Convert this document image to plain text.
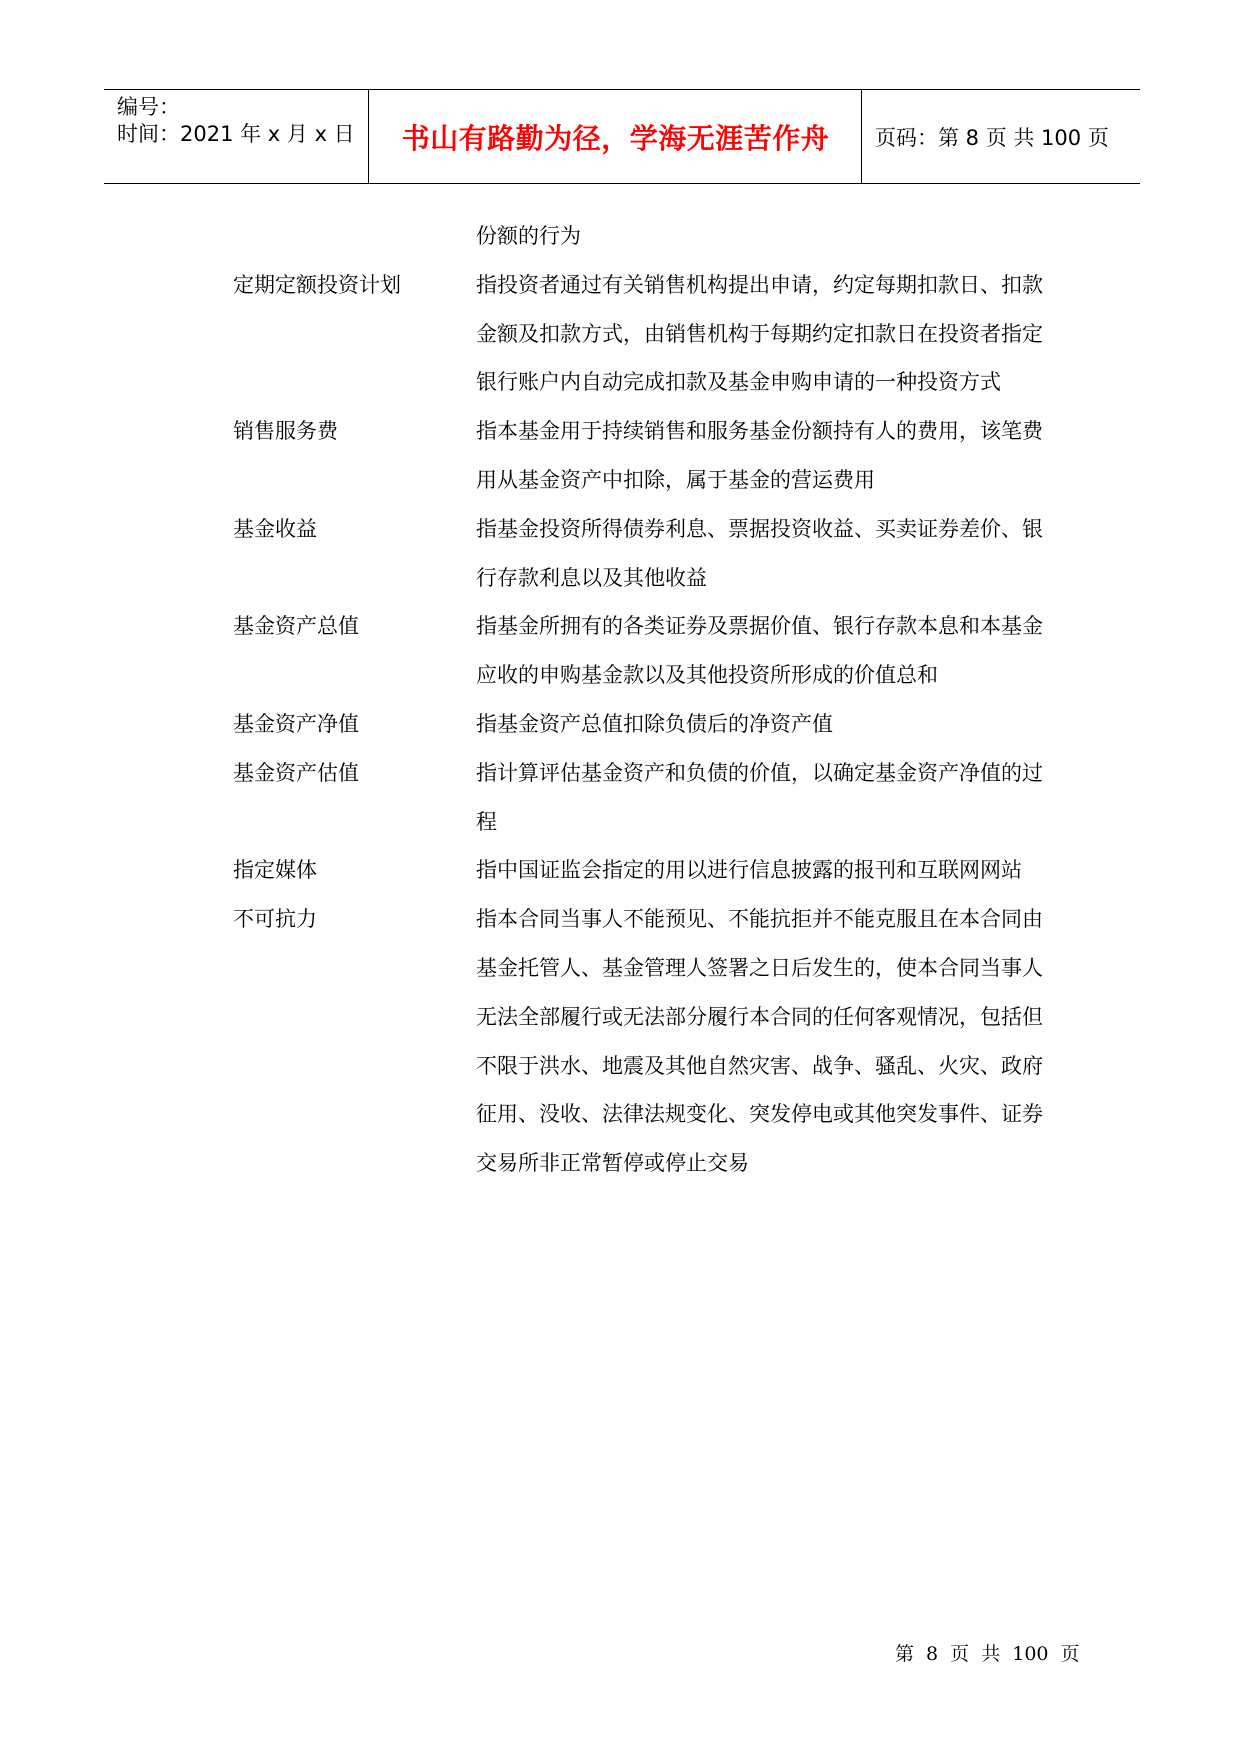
编号：
时间：2021 年 x 月 x 日 书山有路勤为径，学海无涯苦作舟 页码：第 8 页 共 100 页
份额的行为
定期定额投资计划	指投资者通过有关销售机构提出申请，约定每期扣款日、扣款
金额及扣款方式，由销售机构于每期约定扣款日在投资者指定
银行账户内自动完成扣款及基金申购申请的一种投资方式
销售服务费	指本基金用于持续销售和服务基金份额持有人的费用，该笔费
用从基金资产中扣除，属于基金的营运费用
基金收益	指基金投资所得债券利息、票据投资收益、买卖证券差价、银
行存款利息以及其他收益
基金资产总值	指基金所拥有的各类证券及票据价值、银行存款本息和本基金
应收的申购基金款以及其他投资所形成的价值总和
基金资产净值	指基金资产总值扣除负债后的净资产值
基金资产估值	指计算评估基金资产和负债的价值，以确定基金资产净值的过
程
指定媒体	指中国证监会指定的用以进行信息披露的报刊和互联网网站
不可抗力	指本合同当事人不能预见、不能抗拒并不能克服且在本合同由
基金托管人、基金管理人签署之日后发生的，使本合同当事人
无法全部履行或无法部分履行本合同的任何客观情况，包括但
不限于洪水、地震及其他自然灾害、战争、骚乱、火灾、政府
征用、没收、法律法规变化、突发停电或其他突发事件、证券
交易所非正常暂停或停止交易
第 8 页 共 100 页
